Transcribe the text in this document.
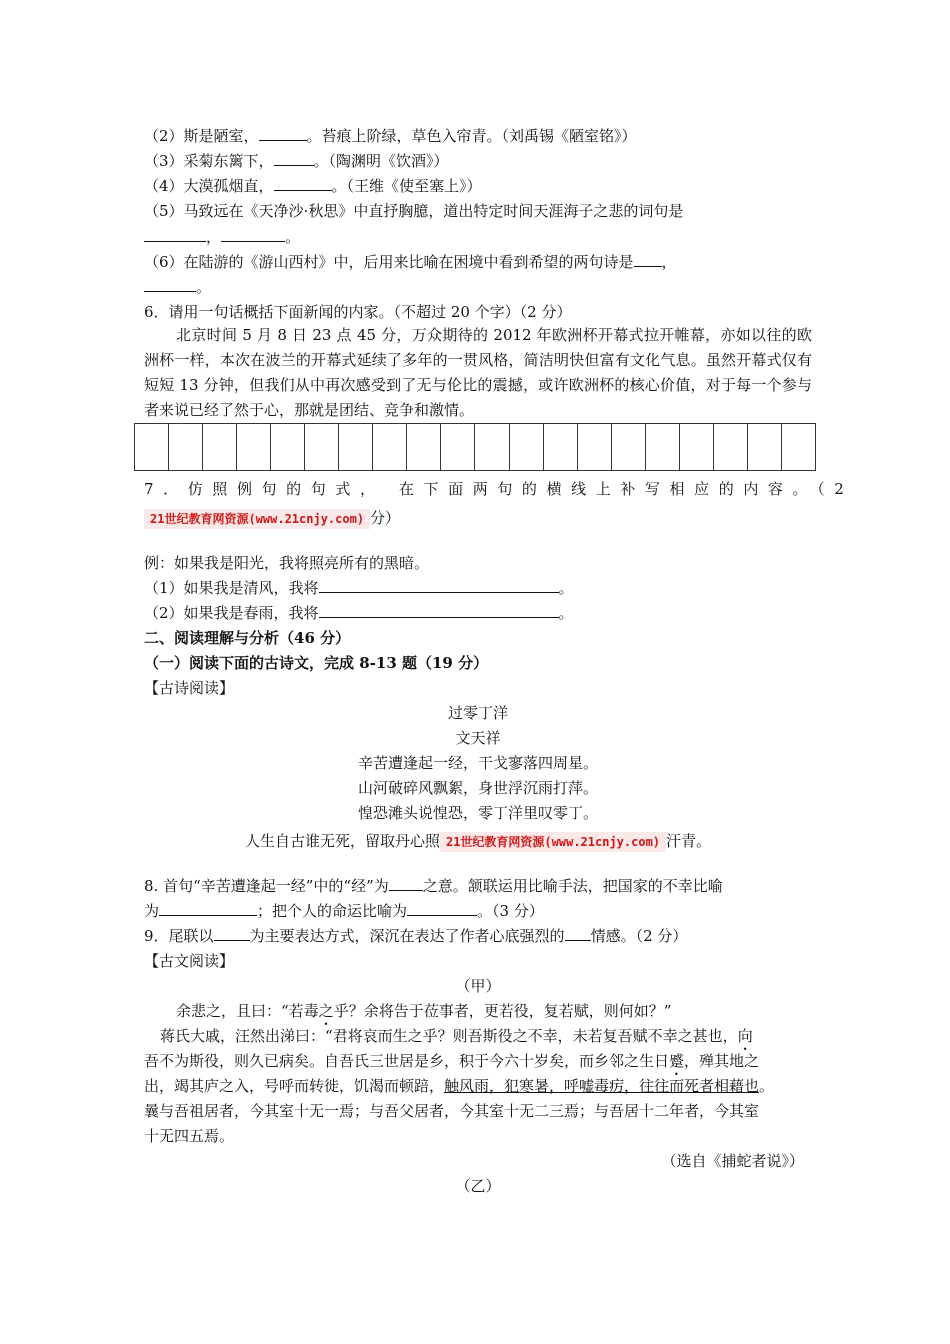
（2）斯是陋室，	。苔痕上阶绿，草色入帘青。（刘禹锡《陋室铭》）
（3）采菊东篱下，	。（陶渊明《饮酒》）
（4）大漠孤烟直，	。（王维《使至塞上》）
（5）马致远在《天净沙·秋思》中直抒胸臆，道出特定时间天涯海子之悲的词句是
，	。
（6）在陆游的《游山西村》中，后用来比喻在困境中看到希望的两句诗是 ，
。
6．请用一句话概括下面新闻的内家。（不超过 20 个字）（2 分）
北京时间 5 月 8 日 23 点 45 分，万众期待的 2012 年欧洲杯开幕式拉开帷幕，亦如以往的欧洲杯一样，本次在波兰的开幕式延续了多年的一贯风格，简洁明快但富有文化气息。虽然开幕式仅有短短 13 分钟，但我们从中再次感受到了无与伦比的震撼，或许欧洲杯的核心价值，对于每一个参与者来说已经了然于心，那就是团结、竞争和激情。
7．仿照例句的句式， 在下面两句的横线上补写相应的内容。（2
21世纪教育网资源(www.21cnjy.com) 分）
例：如果我是阳光，我将照亮所有的黑暗。
（1）如果我是清风，我将	。
（2）如果我是春雨，我将	。
二、阅读理解与分析（46 分）
（一）阅读下面的古诗文，完成 8-13 题（19 分）
【古诗阅读】
过零丁洋
文天祥
辛苦遭逢起一经，干戈寥落四周星。
山河破碎风飘絮，身世浮沉雨打萍。
惶恐滩头说惶恐，零丁洋里叹零丁。
人生自古谁无死，留取丹心照 21世纪教育网资源(www.21cnjy.com) 汗青。
8. 首句“辛苦遭逢起一经”中的“经”为 之意。颔联运用比喻手法，把国家的不幸比喻
为	；把个人的命运比喻为	。（3 分）
9．尾联以 为主要表达方式，深沉在表达了作者心底强烈的 情感。（2 分）
【古文阅读】
（甲）
余悲之，且曰：“若毒之乎？余将告于莅事者，更若役，复若赋，则何如？”
蒋氏大戚，汪然出涕曰：“君将哀而生之乎？则吾斯役之不幸，未若复吾赋不幸之甚也，向
吾不为斯役，则久已病矣。自吾氏三世居是乡，积于今六十岁矣，而乡邻之生日蹙，殚其地之
出，竭其庐之入，号呼而转徙，饥渴而顿踣，触风雨，犯寒暑，呼嘘毒疠，往往而死者相藉也。
曩与吾祖居者，今其室十无一焉；与吾父居者，今其室十无二三焉；与吾居十二年者，今其室
十无四五焉。
（选自《捕蛇者说》）
（乙）
